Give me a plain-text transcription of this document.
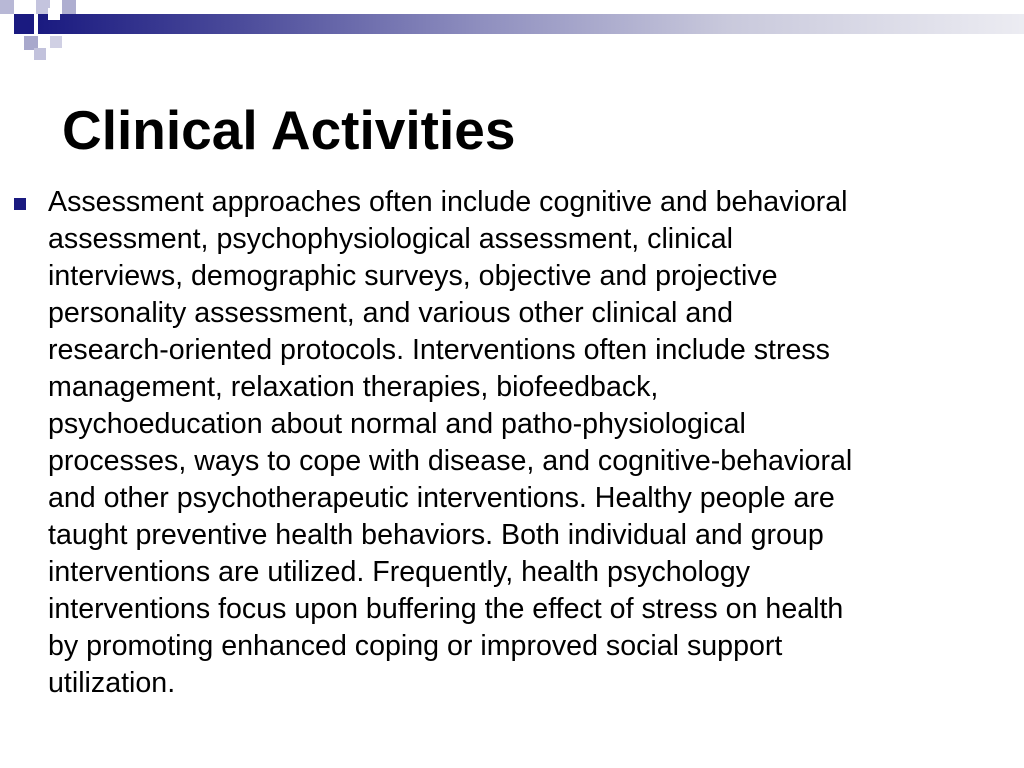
Clinical Activities

Assessment approaches often include cognitive and behavioral
assessment, psychophysiological assessment, clinical
interviews, demographic surveys, objective and projective
personality assessment, and various other clinical and
research-oriented protocols. Interventions often include stress
management, relaxation therapies, biofeedback,
psychoeducation about normal and patho-physiological
processes, ways to cope with disease, and cognitive-behavioral
and other psychotherapeutic interventions. Healthy people are
taught preventive health behaviors. Both individual and group
interventions are utilized. Frequently, health psychology
interventions focus upon buffering the effect of stress on health
by promoting enhanced coping or improved social support
utilization.
